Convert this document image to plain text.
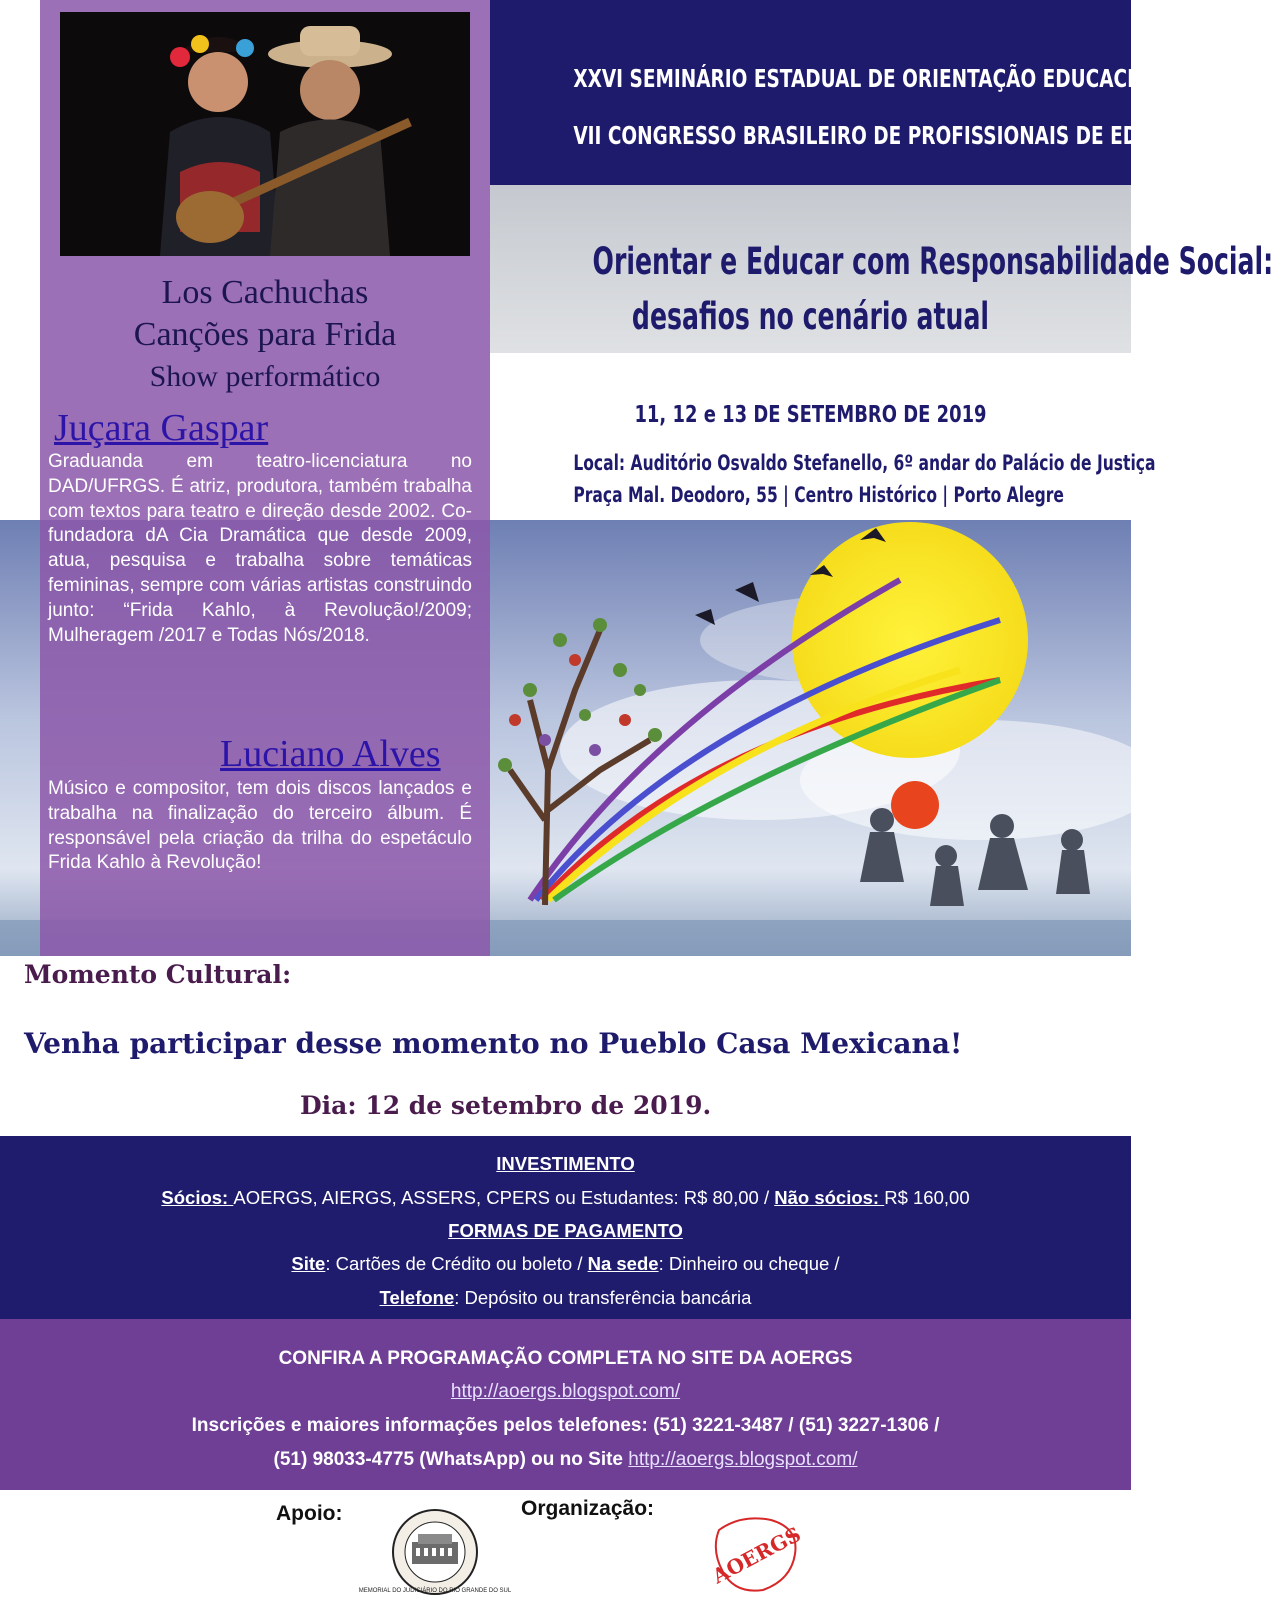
Los Cachuchas
Canções para Frida
Show performático
Juçara Gaspar
Graduanda em teatro-licenciatura no DAD/UFRGS. É atriz, produtora, também trabalha com textos para teatro e direção desde 2002. Co-fundadora dA Cia Dramática que desde 2009, atua, pesquisa e trabalha sobre temáticas femininas, sempre com várias artistas construindo junto: “Frida Kahlo, à Revolução!/2009; Mulheragem /2017 e Todas Nós/2018.
Luciano Alves
Músico e compositor, tem dois discos lançados e trabalha na finalização do terceiro álbum. É responsável pela criação da trilha do espetáculo Frida Kahlo à Revolução!
XXVI SEMINÁRIO ESTADUAL DE ORIENTAÇÃO EDUCACIONAL E
VII CONGRESSO BRASILEIRO DE PROFISSIONAIS DE EDUCAÇÃO
Orientar e Educar com Responsabilidade Social:
desafios no cenário atual
11, 12 e 13 DE SETEMBRO DE 2019
Local: Auditório Osvaldo Stefanello, 6º andar do Palácio de Justiça
Praça Mal. Deodoro, 55 | Centro Histórico | Porto Alegre
Momento Cultural:
Venha participar desse momento no Pueblo Casa Mexicana!
Dia: 12 de setembro de 2019.
INVESTIMENTO
Sócios: AOERGS, AIERGS, ASSERS, CPERS ou Estudantes: R$ 80,00 / Não sócios: R$ 160,00
FORMAS DE PAGAMENTO
Site: Cartões de Crédito ou boleto / Na sede: Dinheiro ou cheque /
Telefone: Depósito ou transferência bancária
CONFIRA A PROGRAMAÇÃO COMPLETA NO SITE DA AOERGS
http://aoergs.blogspot.com/
Inscrições e maiores informações pelos telefones: (51) 3221-3487 / (51) 3227-1306 /
(51) 98033-4775 (WhatsApp) ou no Site http://aoergs.blogspot.com/
Apoio:	Organização:
MEMORIAL DO JUDICIÁRIO DO RIO GRANDE DO SUL
AOERGS
